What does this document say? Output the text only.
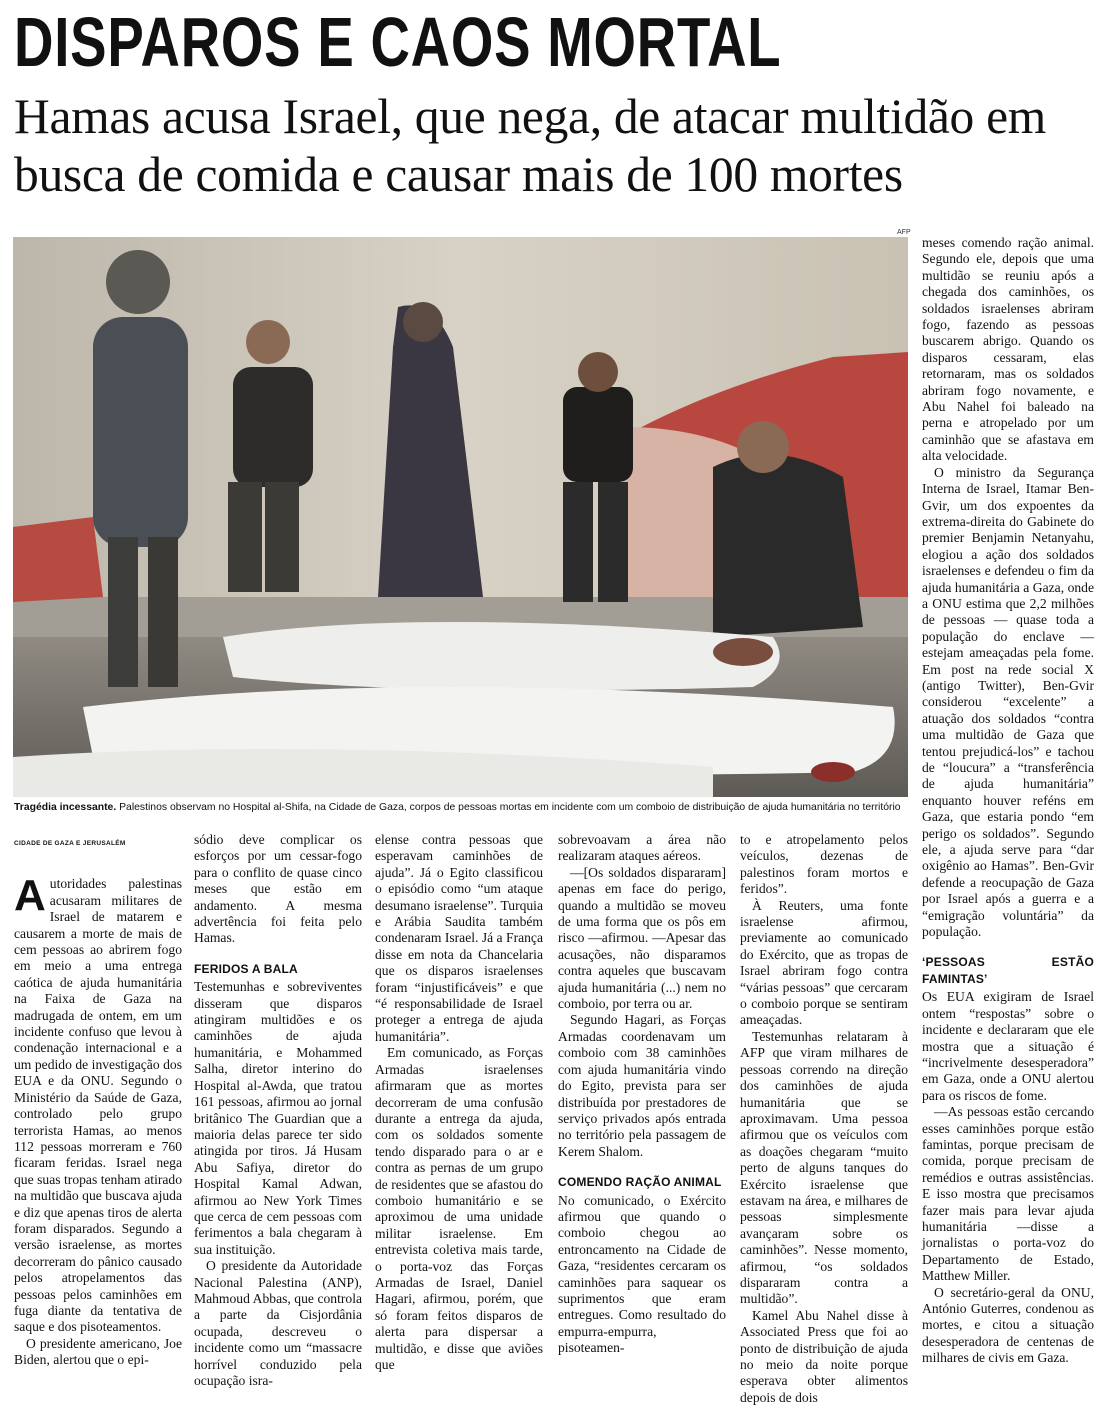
DISPAROS E CAOS MORTAL
Hamas acusa Israel, que nega, de atacar multidão em busca de comida e causar mais de 100 mortes
AFP
Tragédia incessante. Palestinos observam no Hospital al-Shifa, na Cidade de Gaza, corpos de pessoas mortas em incidente com um comboio de distribuição de ajuda humanitária no território
CIDADE DE GAZA E JERUSALÉM

Autoridades palestinas acusaram militares de Israel de matarem e causarem a morte de mais de cem pessoas ao abrirem fogo em meio a uma entrega caótica de ajuda humanitária na Faixa de Gaza na madrugada de ontem, em um incidente confuso que levou à condenação internacional e a um pedido de investigação dos EUA e da ONU. Segundo o Ministério da Saúde de Gaza, controlado pelo grupo terrorista Hamas, ao menos 112 pessoas morreram e 760 ficaram feridas. Israel nega que suas tropas tenham atirado na multidão que buscava ajuda e diz que apenas tiros de alerta foram disparados. Segundo a versão israelense, as mortes decorreram do pânico causado pelos atropelamentos das pessoas pelos caminhões em fuga diante da tentativa de saque e dos pisoteamentos.

O presidente americano, Joe Biden, alertou que o epi-

sódio deve complicar os esforços por um cessar-fogo para o conflito de quase cinco meses que estão em andamento. A mesma advertência foi feita pelo Hamas.

FERIDOS A BALA

Testemunhas e sobreviventes disseram que disparos atingiram multidões e os caminhões de ajuda humanitária, e Mohammed Salha, diretor interino do Hospital al-Awda, que tratou 161 pessoas, afirmou ao jornal britânico The Guardian que a maioria delas parece ter sido atingida por tiros. Já Husam Abu Safiya, diretor do Hospital Kamal Adwan, afirmou ao New York Times que cerca de cem pessoas com ferimentos a bala chegaram à sua instituição.

O presidente da Autoridade Nacional Palestina (ANP), Mahmoud Abbas, que controla a parte da Cisjordânia ocupada, descreveu o incidente como um “massacre horrível conduzido pela ocupação isra-

elense contra pessoas que esperavam caminhões de ajuda”. Já o Egito classificou o episódio como “um ataque desumano israelense”. Turquia e Arábia Saudita também condenaram Israel. Já a França disse em nota da Chancelaria que os disparos israelenses foram “injustificáveis” e que “é responsabilidade de Israel proteger a entrega de ajuda humanitária”.

Em comunicado, as Forças Armadas israelenses afirmaram que as mortes decorreram de uma confusão durante a entrega da ajuda, com os soldados somente tendo disparado para o ar e contra as pernas de um grupo de residentes que se afastou do comboio humanitário e se aproximou de uma unidade militar israelense. Em entrevista coletiva mais tarde, o porta-voz das Forças Armadas de Israel, Daniel Hagari, afirmou, porém, que só foram feitos disparos de alerta para dispersar a multidão, e disse que aviões que

sobrevoavam a área não realizaram ataques aéreos.

—[Os soldados dispararam] apenas em face do perigo, quando a multidão se moveu de uma forma que os pôs em risco —afirmou. —Apesar das acusações, não disparamos contra aqueles que buscavam ajuda humanitária (...) nem no comboio, por terra ou ar.

Segundo Hagari, as Forças Armadas coordenavam um comboio com 38 caminhões com ajuda humanitária vindo do Egito, prevista para ser distribuída por prestadores de serviço privados após entrada no território pela passagem de Kerem Shalom.

COMENDO RAÇÃO ANIMAL

No comunicado, o Exército afirmou que quando o comboio chegou ao entroncamento na Cidade de Gaza, “residentes cercaram os caminhões para saquear os suprimentos que eram entregues. Como resultado do empurra-empurra, pisoteamen-

to e atropelamento pelos veículos, dezenas de palestinos foram mortos e feridos”.

À Reuters, uma fonte israelense afirmou, previamente ao comunicado do Exército, que as tropas de Israel abriram fogo contra “várias pessoas” que cercaram o comboio porque se sentiram ameaçadas.

Testemunhas relataram à AFP que viram milhares de pessoas correndo na direção dos caminhões de ajuda humanitária que se aproximavam. Uma pessoa afirmou que os veículos com as doações chegaram “muito perto de alguns tanques do Exército israelense que estavam na área, e milhares de pessoas simplesmente avançaram sobre os caminhões”. Nesse momento, afirmou, “os soldados dispararam contra a multidão”.

Kamel Abu Nahel disse à Associated Press que foi ao ponto de distribuição de ajuda no meio da noite porque esperava obter alimentos depois de dois

meses comendo ração animal. Segundo ele, depois que uma multidão se reuniu após a chegada dos caminhões, os soldados israelenses abriram fogo, fazendo as pessoas buscarem abrigo. Quando os disparos cessaram, elas retornaram, mas os soldados abriram fogo novamente, e Abu Nahel foi baleado na perna e atropelado por um caminhão que se afastava em alta velocidade.

O ministro da Segurança Interna de Israel, Itamar Ben-Gvir, um dos expoentes da extrema-direita do Gabinete do premier Benjamin Netanyahu, elogiou a ação dos soldados israelenses e defendeu o fim da ajuda humanitária a Gaza, onde a ONU estima que 2,2 milhões de pessoas — quase toda a população do enclave — estejam ameaçadas pela fome. Em post na rede social X (antigo Twitter), Ben-Gvir considerou “excelente” a atuação dos soldados “contra uma multidão de Gaza que tentou prejudicá-los” e tachou de “loucura” a “transferência de ajuda humanitária” enquanto houver reféns em Gaza, que estaria pondo “em perigo os soldados”. Segundo ele, a ajuda serve para “dar oxigênio ao Hamas”. Ben-Gvir defende a reocupação de Gaza por Israel após a guerra e a “emigração voluntária” da população.

‘PESSOAS ESTÃO FAMINTAS’

Os EUA exigiram de Israel ontem “respostas” sobre o incidente e declararam que ele mostra que a situação é “incrivelmente desesperadora” em Gaza, onde a ONU alertou para os riscos de fome.

—As pessoas estão cercando esses caminhões porque estão famintas, porque precisam de comida, porque precisam de remédios e outras assistências. E isso mostra que precisamos fazer mais para levar ajuda humanitária —disse a jornalistas o porta-voz do Departamento de Estado, Matthew Miller.

O secretário-geral da ONU, António Guterres, condenou as mortes, e citou a situação desesperadora de centenas de milhares de civis em Gaza.
